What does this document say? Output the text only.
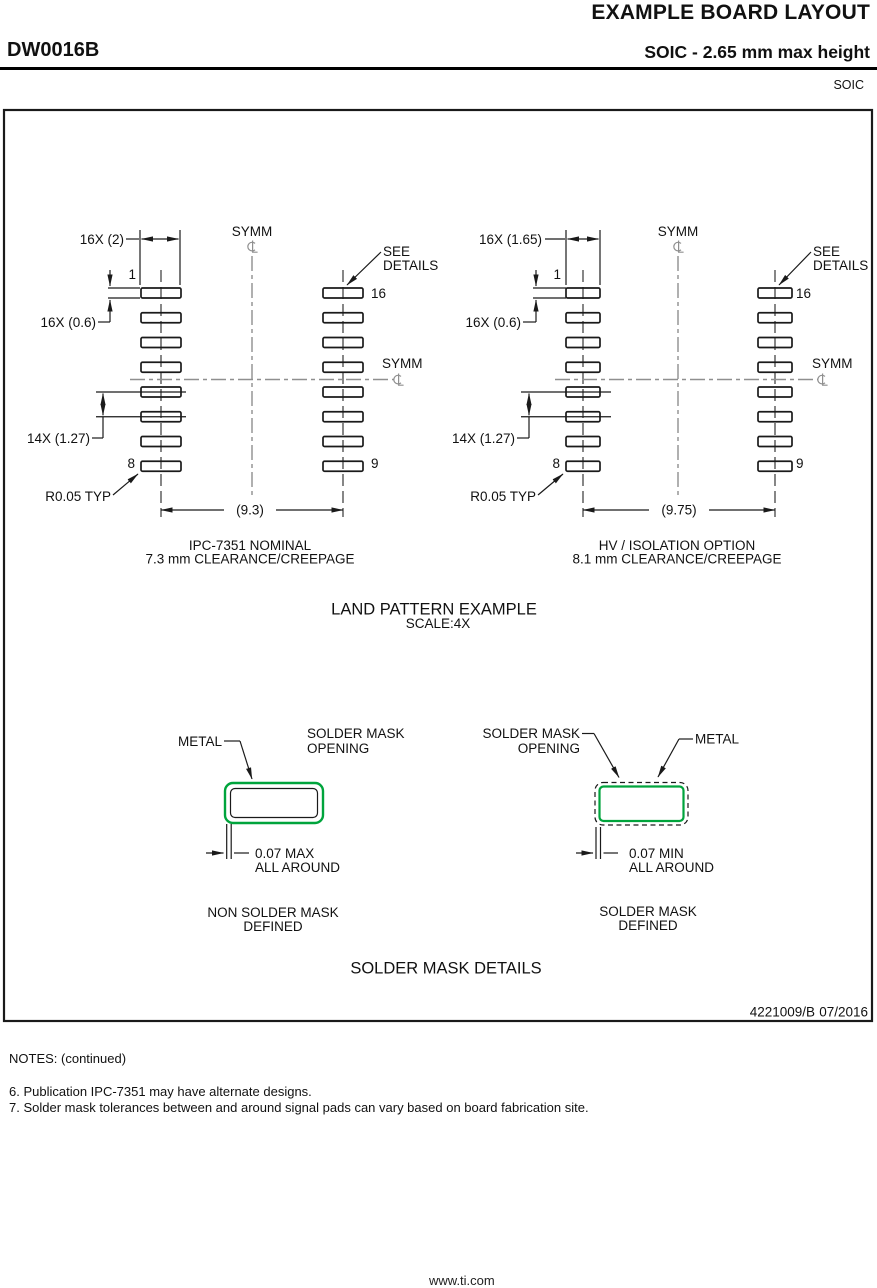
EXAMPLE BOARD LAYOUT
DW0016B	SOIC - 2.65 mm max height
SOIC
16X (2)
16X (0.6)
14X (1.27)
R0.05 TYP
1
8
16
9
SYMM
SYMM
SEE
DETAILS
(9.3)
IPC-7351 NOMINAL
7.3 mm CLEARANCE/CREEPAGE
16X (1.65)
16X (0.6)
14X (1.27)
R0.05 TYP
1
8
16
9
SYMM
SYMM
SEE
DETAILS
(9.75)
HV / ISOLATION OPTION
8.1 mm CLEARANCE/CREEPAGE
LAND PATTERN EXAMPLE
SCALE:4X
METAL
SOLDER MASK
OPENING
0.07 MAX
ALL AROUND
NON SOLDER MASK
DEFINED
SOLDER MASK
OPENING
METAL
0.07 MIN
ALL AROUND
SOLDER MASK
DEFINED
SOLDER MASK DETAILS
4221009/B 07/2016
NOTES: (continued)
6. Publication IPC-7351 may have alternate designs.
7. Solder mask tolerances between and around signal pads can vary based on board fabrication site.
www.ti.com
